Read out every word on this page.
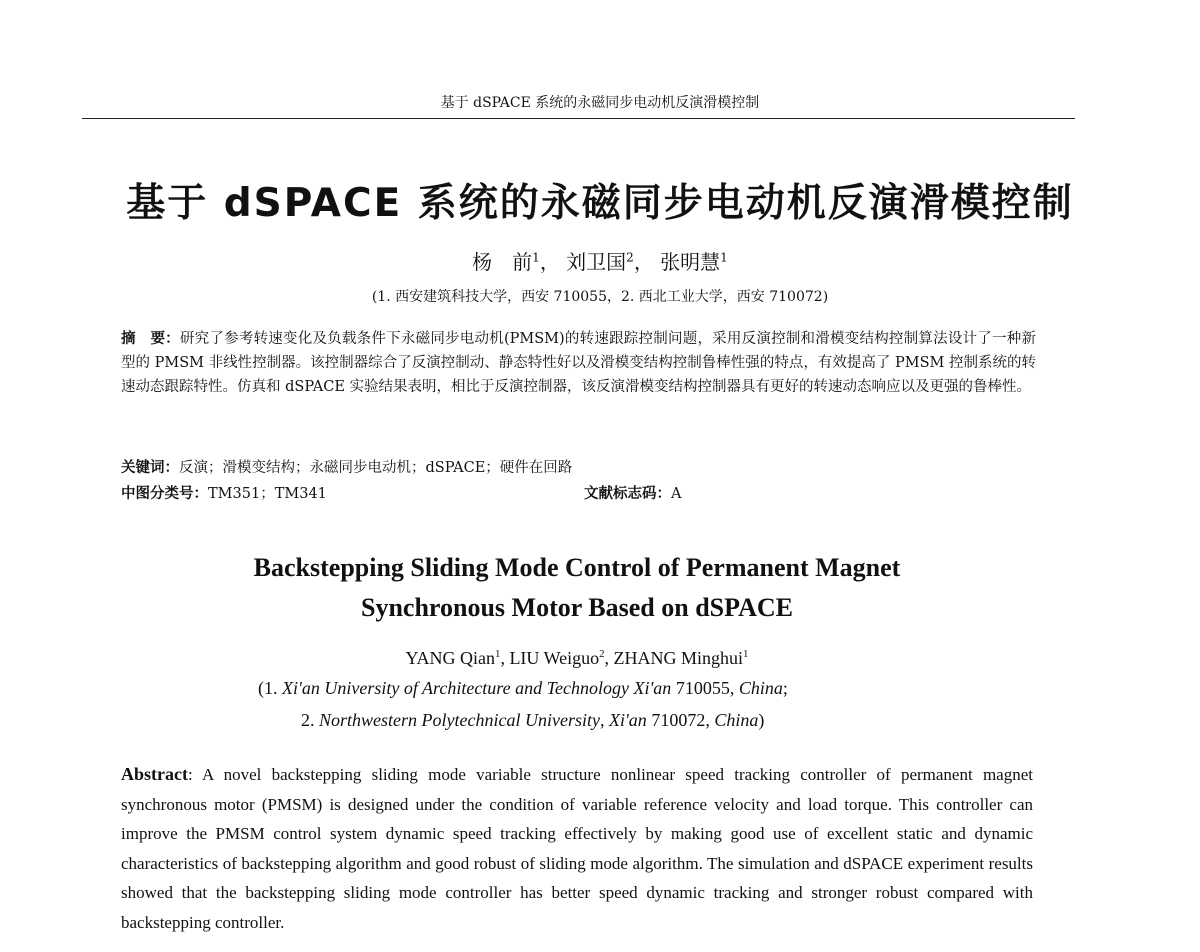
基于 dSPACE 系统的永磁同步电动机反演滑模控制
基于 dSPACE 系统的永磁同步电动机反演滑模控制
杨　前$^1$， 刘卫国$^2$， 张明慧$^1$
(1. 西安建筑科技大学，西安 710055，2. 西北工业大学，西安 710072)
摘　要：研究了参考转速变化及负载条件下永磁同步电动机(PMSM)的转速跟踪控制问题，采用反演控制和滑模变结构控制算法设计了一种新型的 PMSM 非线性控制器。该控制器综合了反演控制动、静态特性好以及滑模变结构控制鲁棒性强的特点，有效提高了 PMSM 控制系统的转速动态跟踪特性。仿真和 dSPACE 实验结果表明，相比于反演控制器，该反演滑模变结构控制器具有更好的转速动态响应以及更强的鲁棒性。
关键词：反演；滑模变结构；永磁同步电动机；dSPACE；硬件在回路
中图分类号：TM351；TM341	文献标志码：A
Backstepping Sliding Mode Control of Permanent Magnet
Synchronous Motor Based on dSPACE
YANG Qian$^1$, LIU Weiguo$^2$, ZHANG Minghui$^1$
(1. Xi'an University of Architecture and Technology Xi'an 710055, China;
2. Northwestern Polytechnical University, Xi'an 710072, China)
Abstract: A novel backstepping sliding mode variable structure nonlinear speed tracking controller of permanent magnet synchronous motor (PMSM) is designed under the condition of variable reference velocity and load torque. This controller can improve the PMSM control system dynamic speed tracking effectively by making good use of excellent static and dynamic characteristics of backstepping algorithm and good robust of sliding mode algorithm. The simulation and dSPACE experiment results showed that the backstepping sliding mode controller has better speed dynamic tracking and stronger robust compared with backstepping controller.
